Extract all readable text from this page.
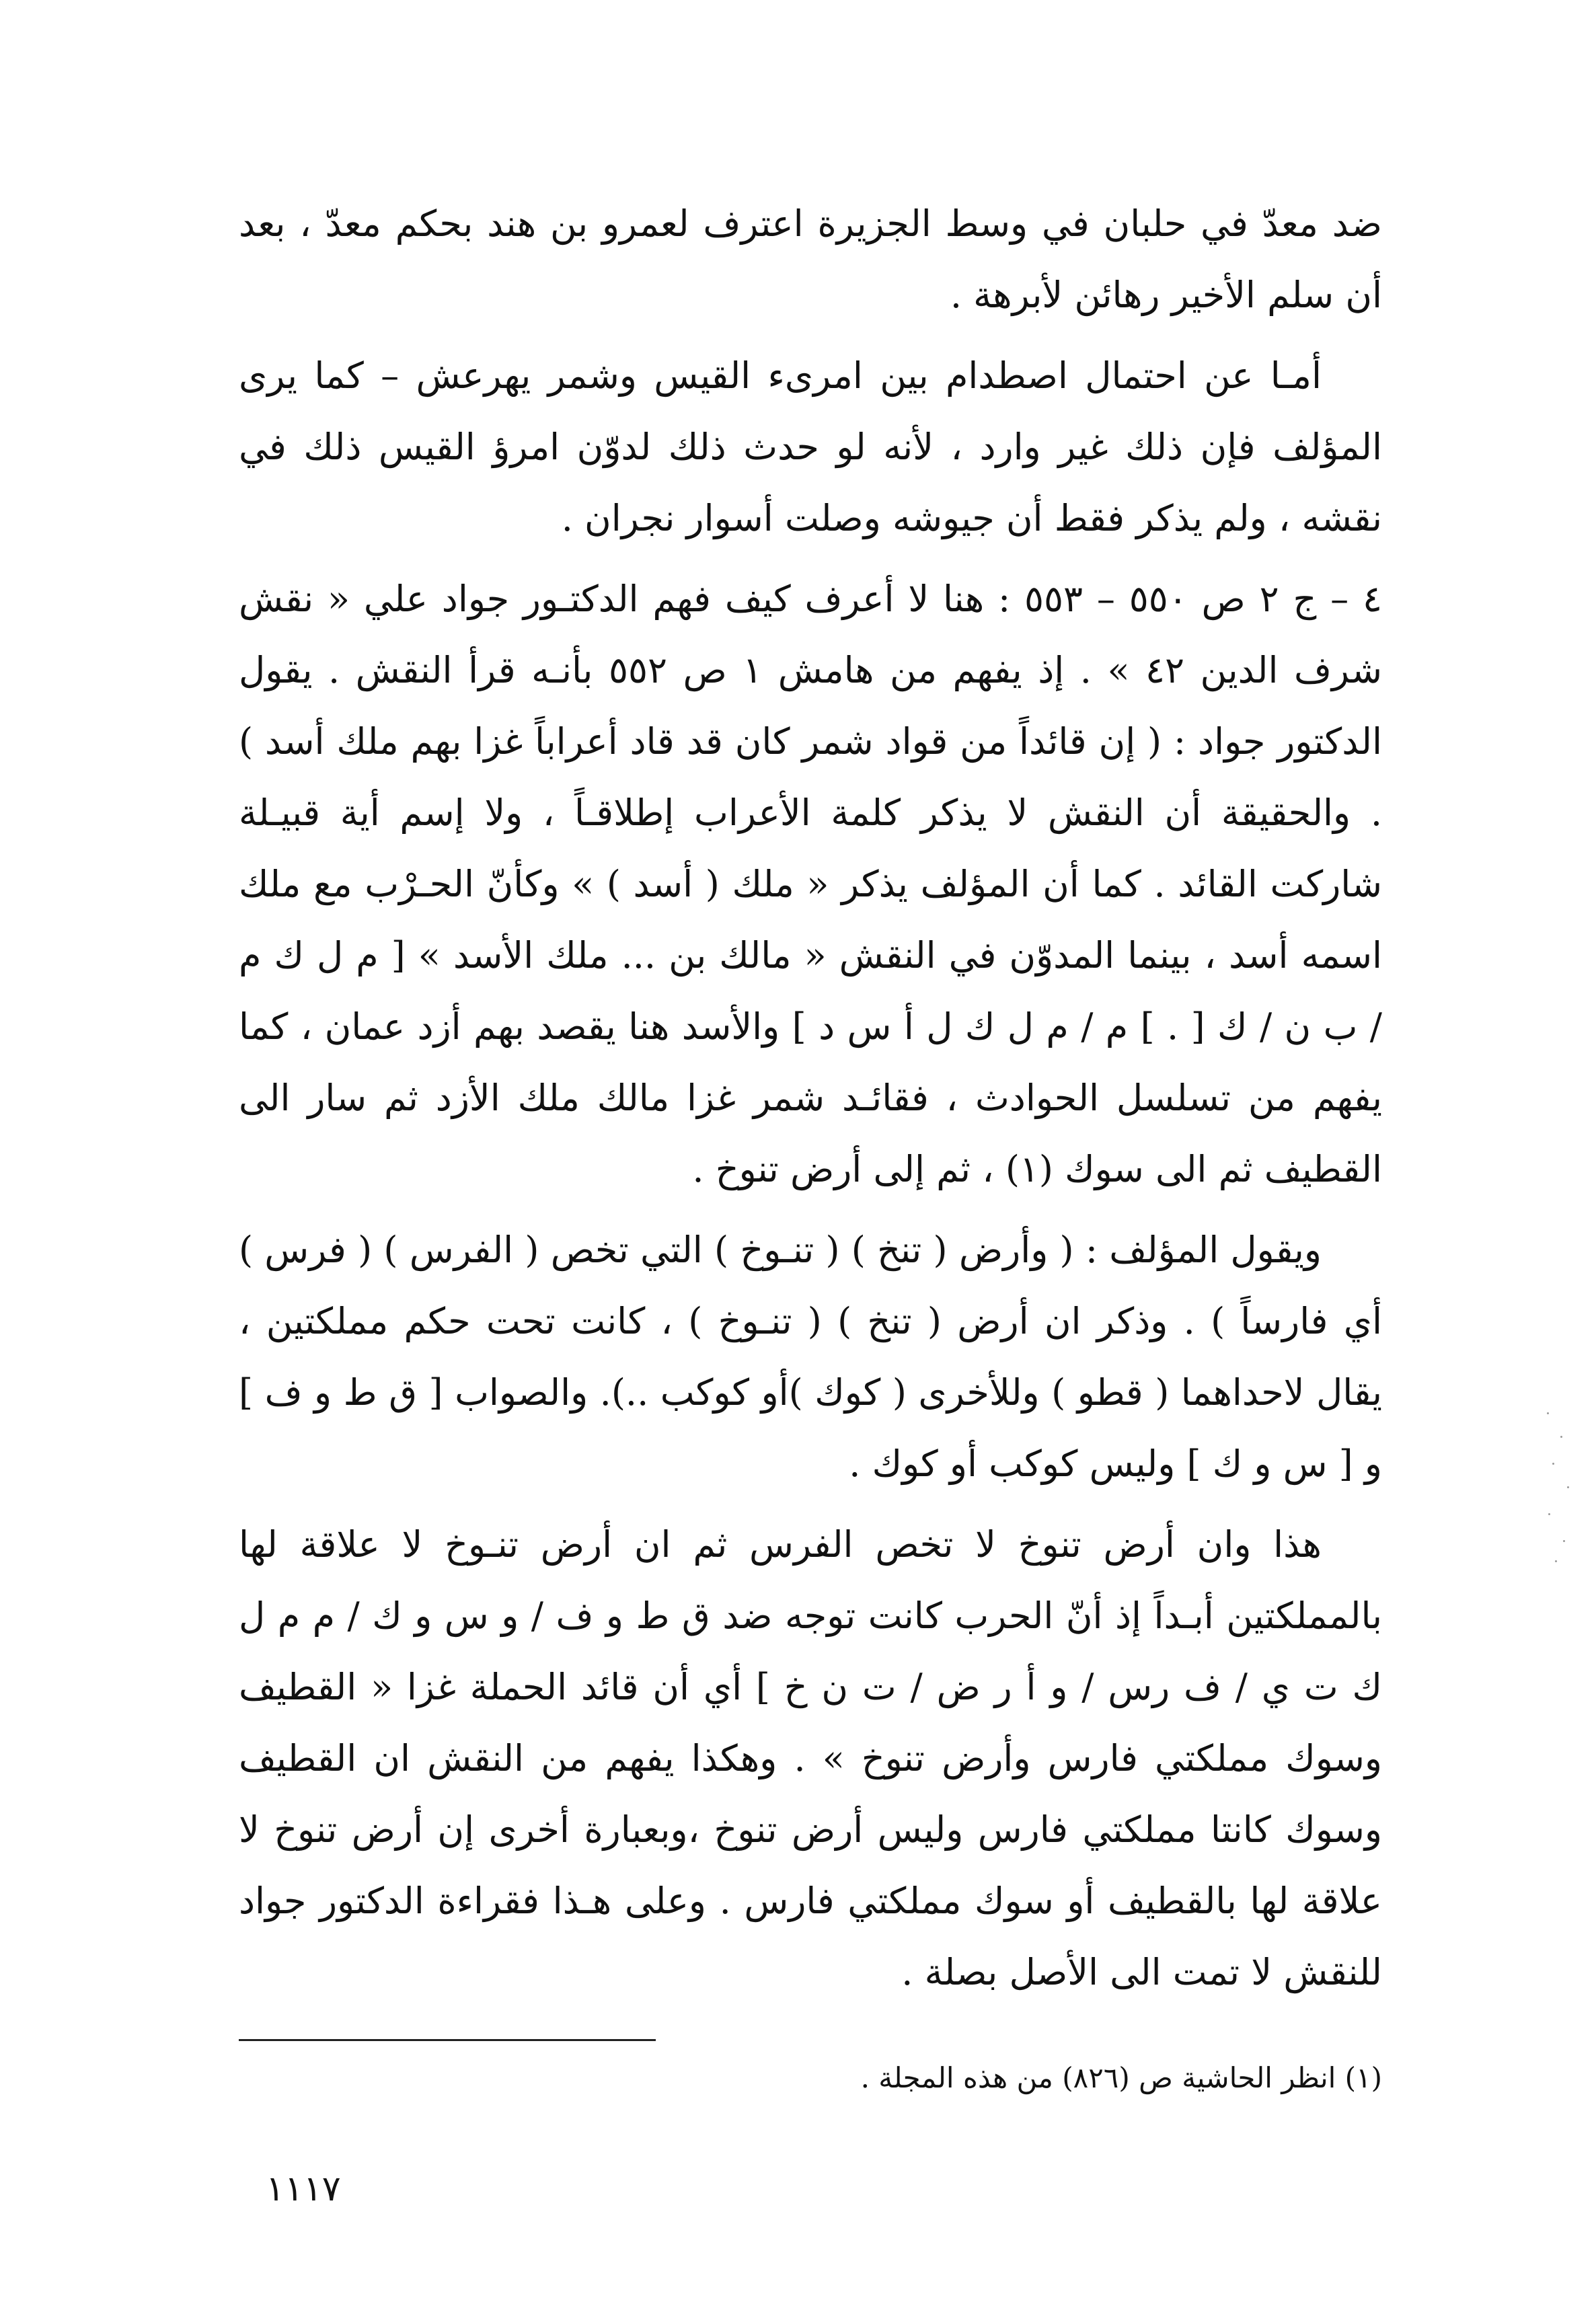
ضد معدّ في حلبان في وسط الجزيرة اعترف لعمرو بن هند بحكم معدّ ، بعد أن سلم الأخير رهائن لأبرهة .

أمـا عن احتمال اصطدام بين امرىء القيس وشمر يهرعش – كما يرى المؤلف فإن ذلك غير وارد ، لأنه لو حدث ذلك لدوّن امرؤ القيس ذلك في نقشه ، ولم يذكر فقط أن جيوشه وصلت أسوار نجران .

٤ – ج ٢ ص ٥٥٠ – ٥٥٣ : هنا لا أعرف كيف فهم الدكتـور جواد علي « نقش شرف الدين ٤٢ » . إذ يفهم من هامش ١ ص ٥٥٢ بأنـه قرأ النقش . يقول الدكتور جواد : ( إن قائداً من قواد شمر كان قد قاد أعراباً غزا بهم ملك أسد ) . والحقيقة أن النقش لا يذكر كلمة الأعراب إطلاقـاً ، ولا إسم أية قبيـلة شاركت القائد . كما أن المؤلف يذكر « ملك ( أسد ) » وكأنّ الحـرْب مع ملك اسمه أسد ، بينما المدوّن في النقش « مالك بن ... ملك الأسد » [ م ل ك م / ب ن / ك [ . ] م / م ل ك ل أ س د ] والأسد هنا يقصد بهم أزد عمان ، كما يفهم من تسلسل الحوادث ، فقائـد شمر غزا مالك ملك الأزد ثم سار الى القطيف ثم الى سوك (١) ، ثم إلى أرض تنوخ .

ويقول المؤلف : ( وأرض ( تنخ ) ( تنـوخ ) التي تخص ( الفرس ) ( فرس ) أي فارساً ) . وذكر ان أرض ( تنخ ) ( تنـوخ ) ، كانت تحت حكم مملكتين ، يقال لاحداهما ( قطو ) وللأخرى ( كوك )أو كوكب ..). والصواب [ ق ط و ف ] و [ س و ك ] وليس كوكب أو كوك .

هذا وان أرض تنوخ لا تخص الفرس ثم ان أرض تنـوخ لا علاقة لها بالمملكتين أبـداً إذ أنّ الحرب كانت توجه ضد ق ط و ف / و س و ك / م م ل ك ت ي / ف رس / و أ ر ض / ت ن خ ] أي أن قائد الحملة غزا « القطيف وسوك مملكتي فارس وأرض تنوخ » . وهكذا يفهم من النقش ان القطيف وسوك كانتا مملكتي فارس وليس أرض تنوخ ،وبعبارة أخرى إن أرض تنوخ لا علاقة لها بالقطيف أو سوك مملكتي فارس . وعلى هـذا فقراءة الدكتور جواد للنقش لا تمت الى الأصل بصلة .

(١) انظر الحاشية ص (٨٢٦) من هذه المجلة .

١١١٧
